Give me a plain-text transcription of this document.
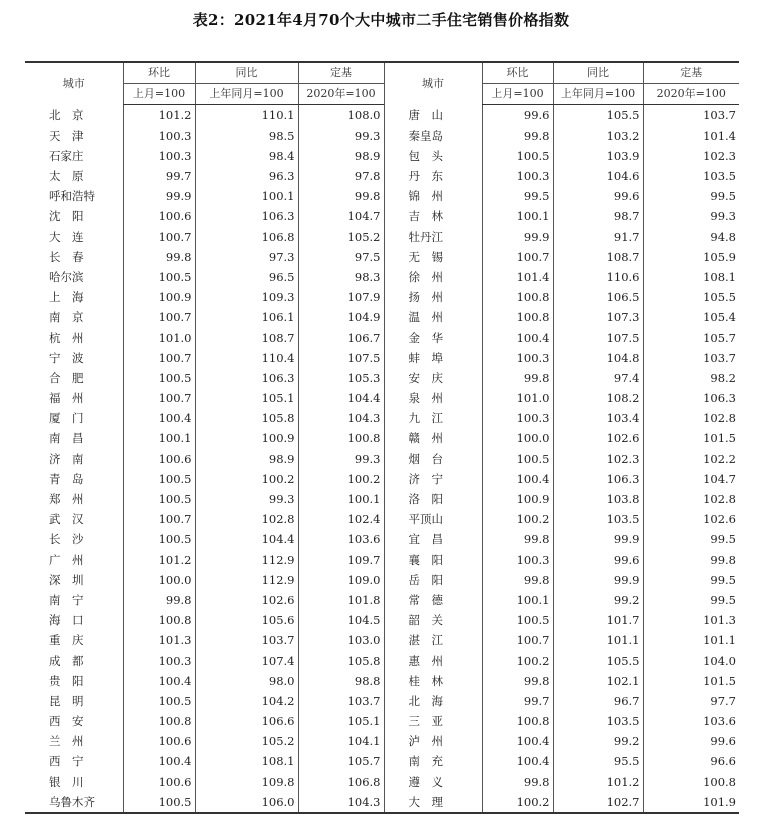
表2：2021年4月70个大中城市二手住宅销售价格指数
城市	环比	同比	定基	城市	环比	同比	定基
	上月=100	上年同月=100	2020年=100		上月=100	上年同月=100	2020年=100
北　京	101.2	110.1	108.0	唐　山	99.6	105.5	103.7
天　津	100.3	98.5	99.3	秦皇岛	99.8	103.2	101.4
石家庄	100.3	98.4	98.9	包　头	100.5	103.9	102.3
太　原	99.7	96.3	97.8	丹　东	100.3	104.6	103.5
呼和浩特	99.9	100.1	99.8	锦　州	99.5	99.6	99.5
沈　阳	100.6	106.3	104.7	吉　林	100.1	98.7	99.3
大　连	100.7	106.8	105.2	牡丹江	99.9	91.7	94.8
长　春	99.8	97.3	97.5	无　锡	100.7	108.7	105.9
哈尔滨	100.5	96.5	98.3	徐　州	101.4	110.6	108.1
上　海	100.9	109.3	107.9	扬　州	100.8	106.5	105.5
南　京	100.7	106.1	104.9	温　州	100.8	107.3	105.4
杭　州	101.0	108.7	106.7	金　华	100.4	107.5	105.7
宁　波	100.7	110.4	107.5	蚌　埠	100.3	104.8	103.7
合　肥	100.5	106.3	105.3	安　庆	99.8	97.4	98.2
福　州	100.7	105.1	104.4	泉　州	101.0	108.2	106.3
厦　门	100.4	105.8	104.3	九　江	100.3	103.4	102.8
南　昌	100.1	100.9	100.8	赣　州	100.0	102.6	101.5
济　南	100.6	98.9	99.3	烟　台	100.5	102.3	102.2
青　岛	100.5	100.2	100.2	济　宁	100.4	106.3	104.7
郑　州	100.5	99.3	100.1	洛　阳	100.9	103.8	102.8
武　汉	100.7	102.8	102.4	平顶山	100.2	103.5	102.6
长　沙	100.5	104.4	103.6	宜　昌	99.8	99.9	99.5
广　州	101.2	112.9	109.7	襄　阳	100.3	99.6	99.8
深　圳	100.0	112.9	109.0	岳　阳	99.8	99.9	99.5
南　宁	99.8	102.6	101.8	常　德	100.1	99.2	99.5
海　口	100.8	105.6	104.5	韶　关	100.5	101.7	101.3
重　庆	101.3	103.7	103.0	湛　江	100.7	101.1	101.1
成　都	100.3	107.4	105.8	惠　州	100.2	105.5	104.0
贵　阳	100.4	98.0	98.8	桂　林	99.8	102.1	101.5
昆　明	100.5	104.2	103.7	北　海	99.7	96.7	97.7
西　安	100.8	106.6	105.1	三　亚	100.8	103.5	103.6
兰　州	100.6	105.2	104.1	泸　州	100.4	99.2	99.6
西　宁	100.4	108.1	105.7	南　充	100.4	95.5	96.6
银　川	100.6	109.8	106.8	遵　义	99.8	101.2	100.8
乌鲁木齐	100.5	106.0	104.3	大　理	100.2	102.7	101.9
